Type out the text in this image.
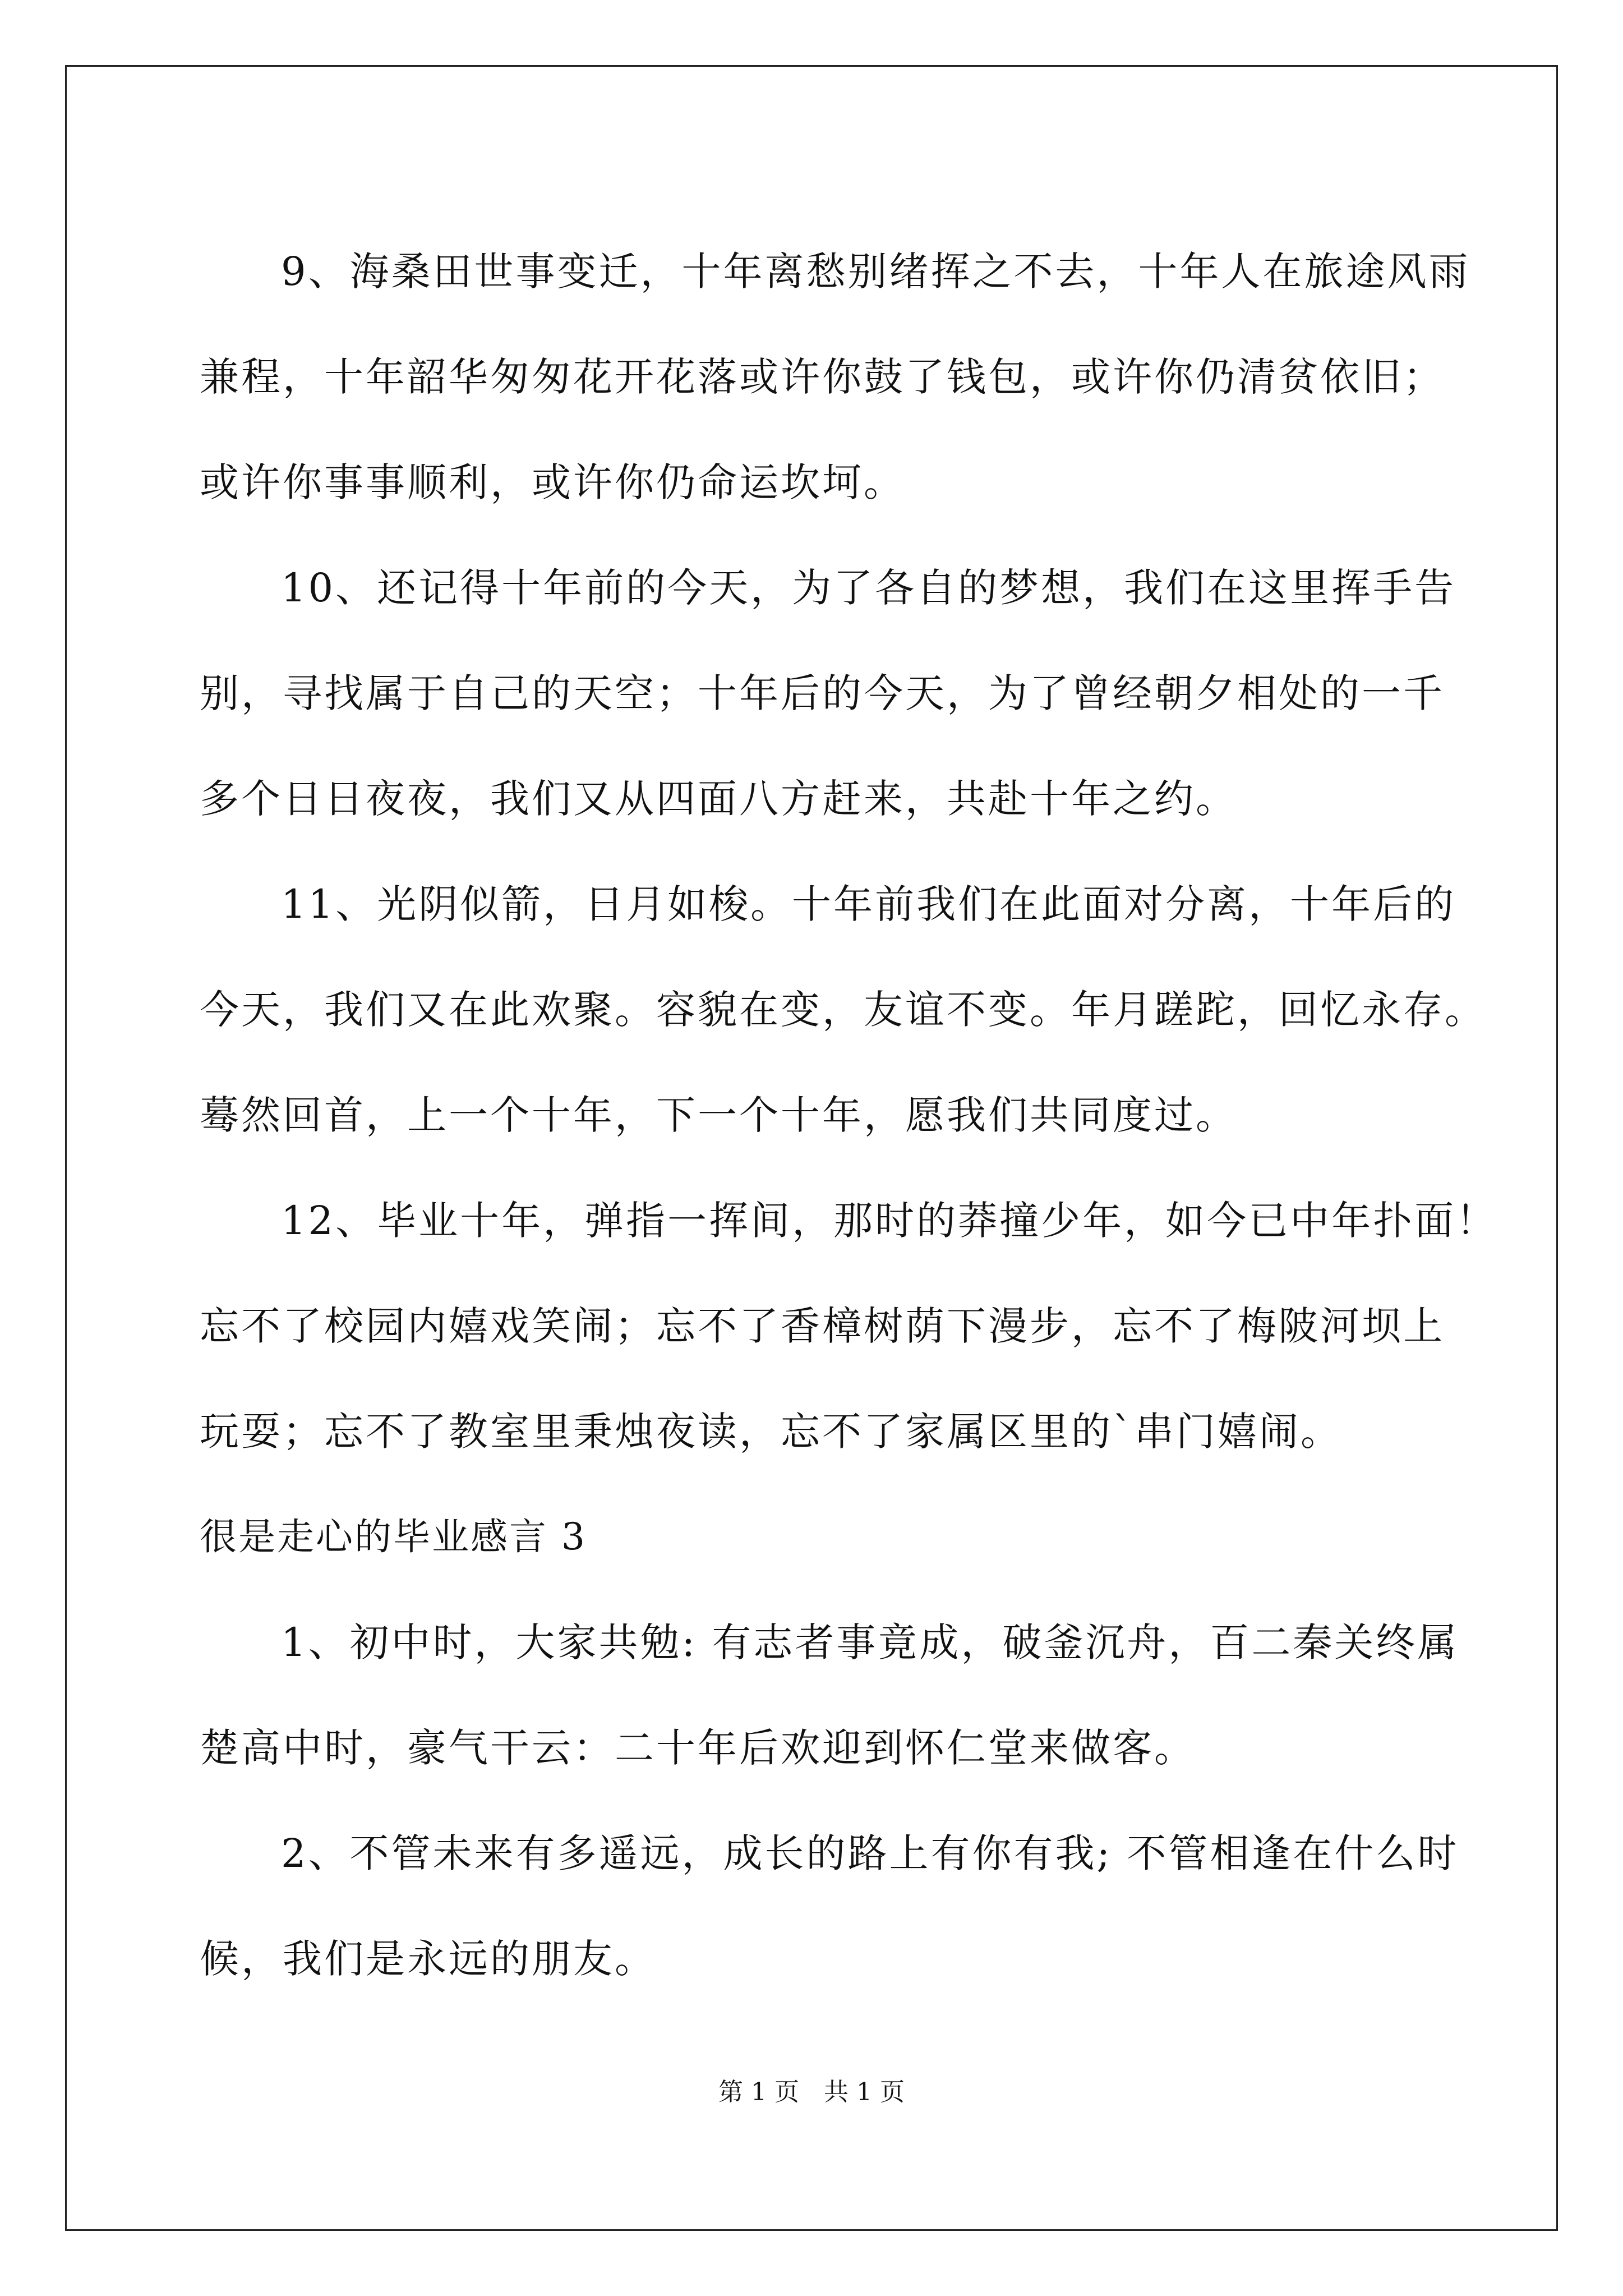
9、海桑田世事变迁，十年离愁别绪挥之不去，十年人在旅途风雨
兼程，十年韶华匆匆花开花落或许你鼓了钱包，或许你仍清贫依旧；
或许你事事顺利，或许你仍命运坎坷。

10、还记得十年前的今天，为了各自的梦想，我们在这里挥手告
别，寻找属于自己的天空；十年后的今天，为了曾经朝夕相处的一千
多个日日夜夜，我们又从四面八方赶来，共赴十年之约。

11、光阴似箭，日月如梭。十年前我们在此面对分离，十年后的
今天，我们又在此欢聚。容貌在变，友谊不变。年月蹉跎，回忆永存。
蓦然回首，上一个十年，下一个十年，愿我们共同度过。

12、毕业十年，弹指一挥间，那时的莽撞少年，如今已中年扑面！
忘不了校园内嬉戏笑闹；忘不了香樟树荫下漫步，忘不了梅陂河坝上
玩耍；忘不了教室里秉烛夜读，忘不了家属区里的`串门嬉闹。

很是走心的毕业感言 3

1、初中时，大家共勉: 有志者事竟成，破釜沉舟，百二秦关终属
楚高中时，豪气干云：二十年后欢迎到怀仁堂来做客。

2、不管未来有多遥远，成长的路上有你有我; 不管相逢在什么时
候，我们是永远的朋友。

第 1 页　共 1 页
